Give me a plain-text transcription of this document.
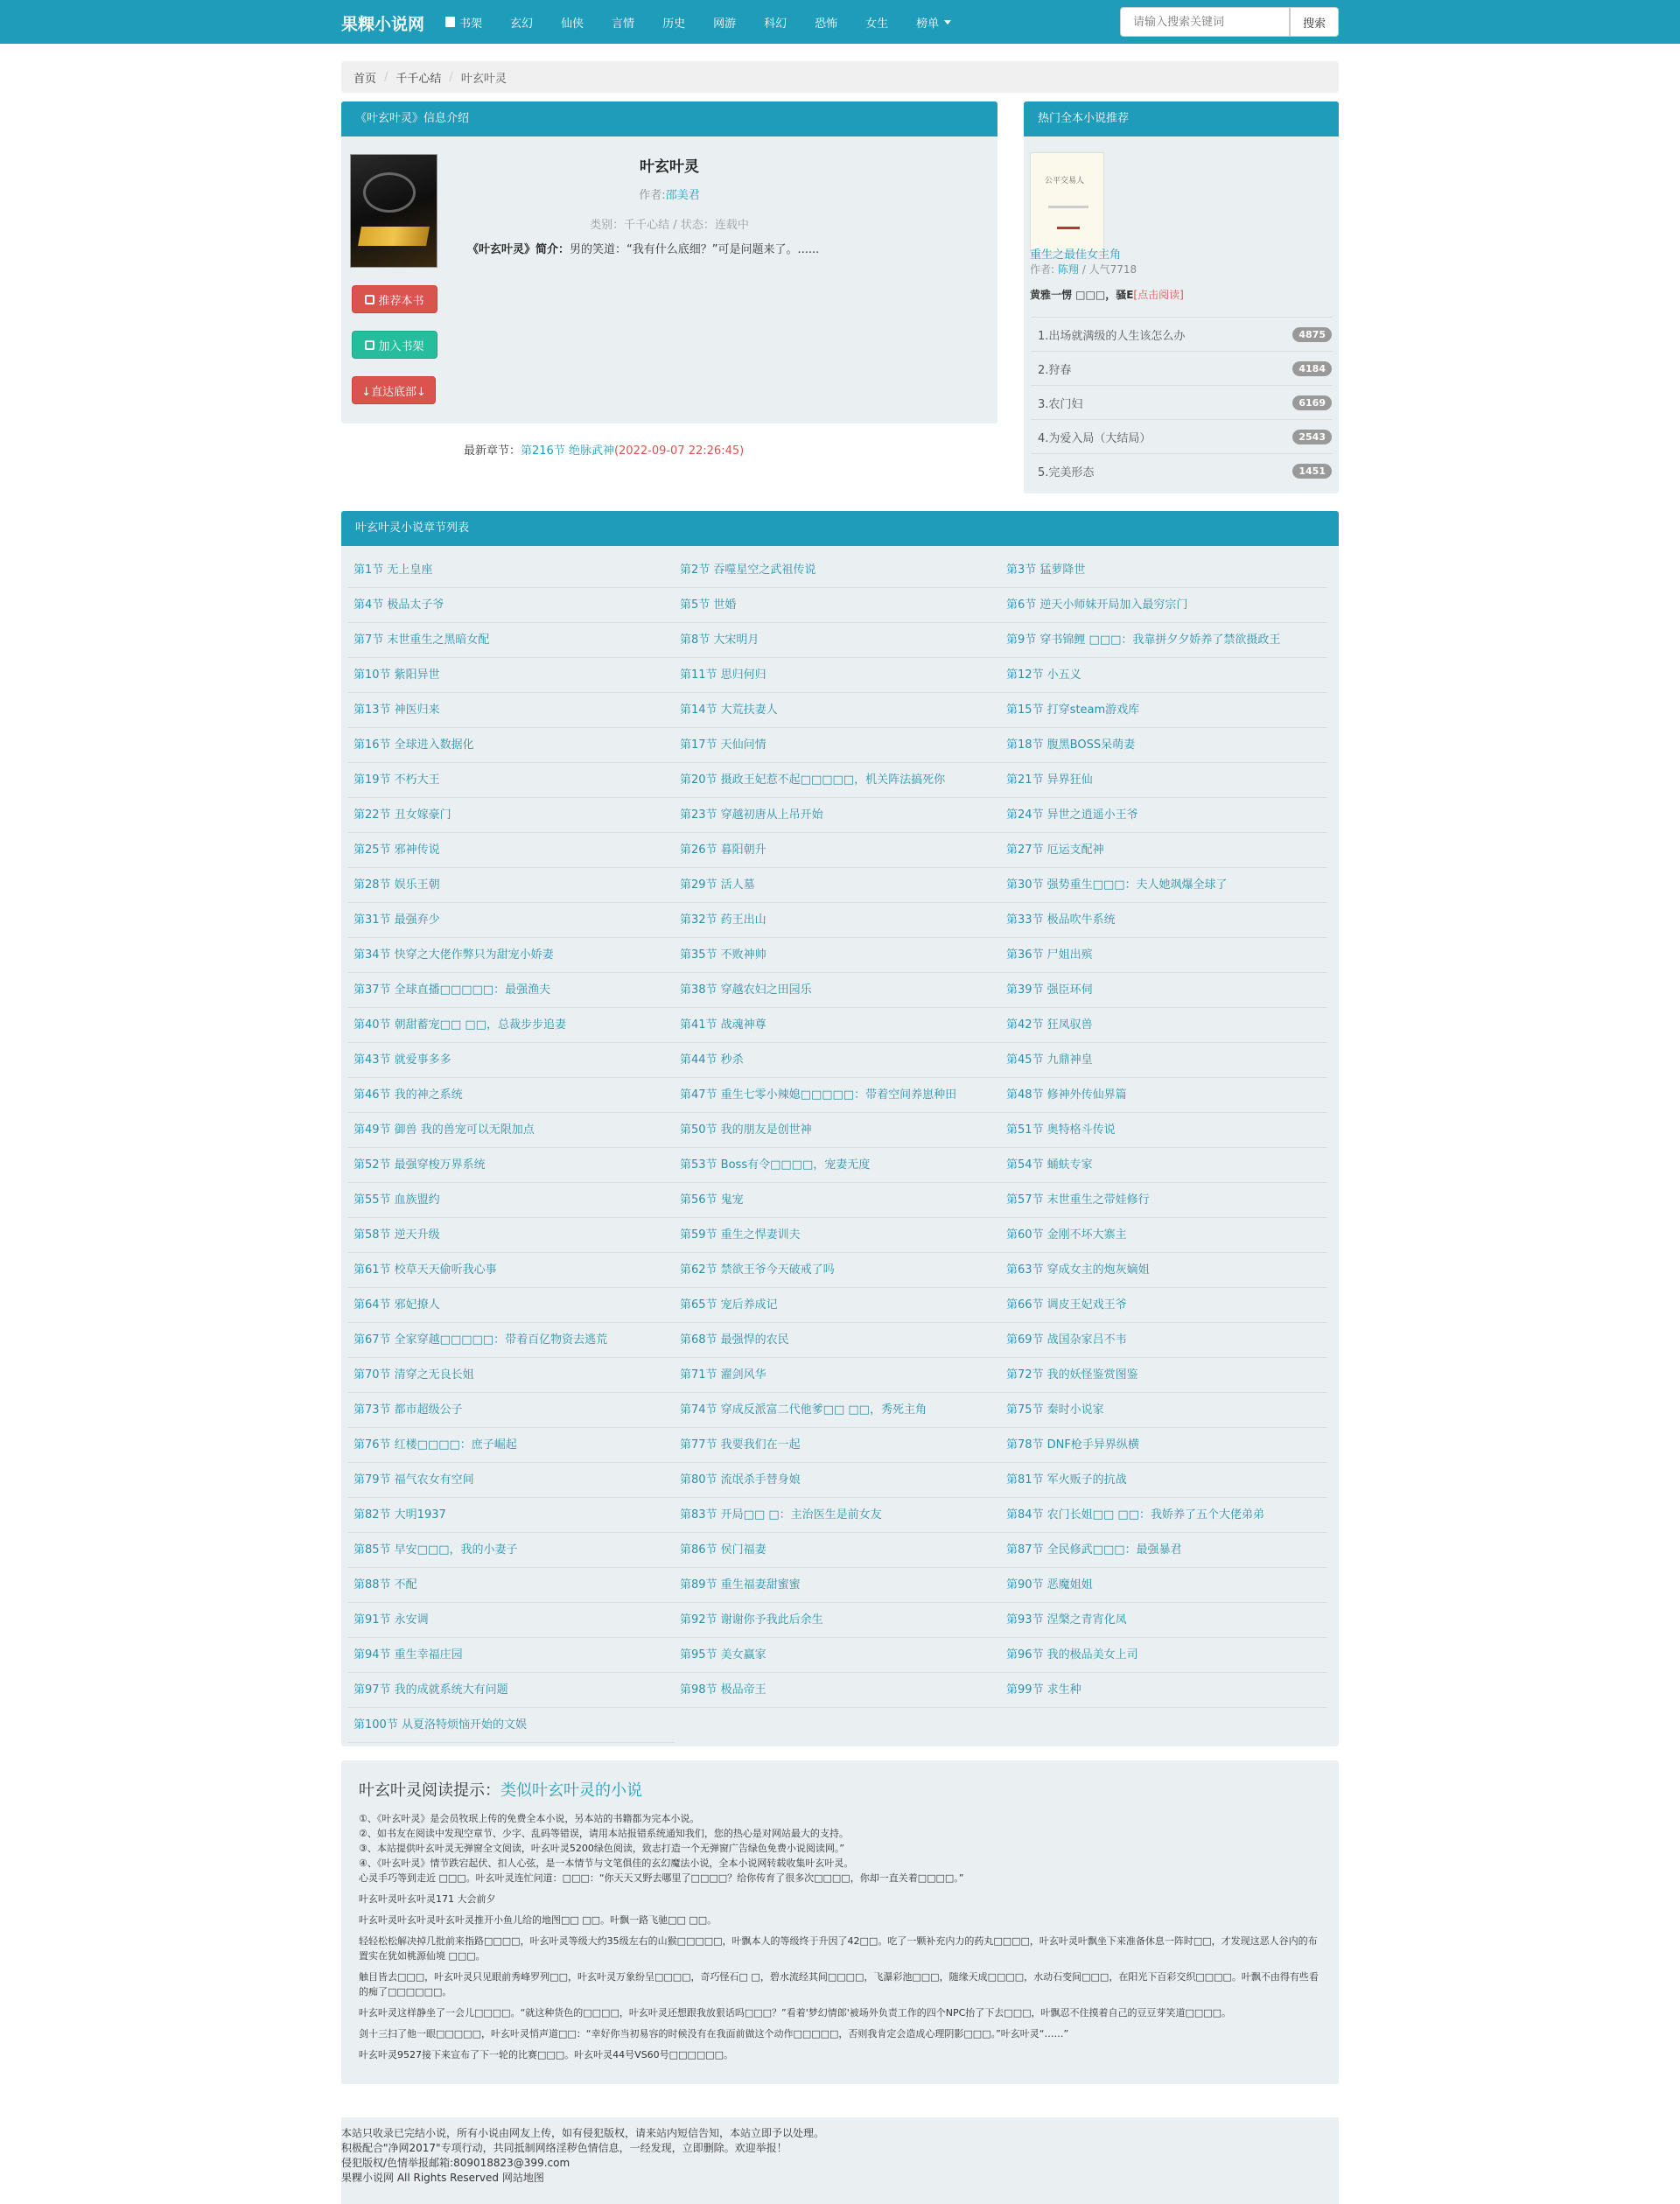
果粿小说网	书架 玄幻 仙侠 言情 历史 网游 科幻 恐怖 女生 榜单
请输入搜索关键词	搜索
首页 / 千千心结 / 叶玄叶灵
《叶玄叶灵》信息介绍
叶玄叶灵
作者:邵美君
类别：千千心结 / 状态：连载中
《叶玄叶灵》简介：男的笑道：“我有什么底细？”可是问题来了。......
推荐本书
加入书架
↓直达底部↓
最新章节：第216节 绝脉武神(2022-09-07 22:26:45)
热门全本小说推荐
公平交易人
重生之最佳女主角
作者: 陈翔 / 人气7718
黄雅一愣 □□□，骚E[点击阅读]
1.出场就满级的人生该怎么办	4875
2.狩春	4184
3.农门妇	6169
4.为爱入局（大结局）	2543
5.完美形态	1451
叶玄叶灵小说章节列表
第1节 无上皇座	第2节 吞噬星空之武祖传说	第3节 猛萝降世
第4节 极品太子爷	第5节 世婚	第6节 逆天小师妹开局加入最穷宗门
第7节 末世重生之黑暗女配	第8节 大宋明月	第9节 穿书锦鲤 □□□：我靠拼夕夕娇养了禁欲摄政王
第10节 紫阳异世	第11节 思归何归	第12节 小五义
第13节 神医归来	第14节 大荒扶妻人	第15节 打穿steam游戏库
第16节 全球进入数据化	第17节 天仙问情	第18节 腹黑BOSS呆萌妻
第19节 不朽大王	第20节 摄政王妃惹不起□□□□□，机关阵法搞死你	第21节 异界狂仙
第22节 丑女嫁豪门	第23节 穿越初唐从上吊开始	第24节 异世之逍遥小王爷
第25节 邪神传说	第26节 暮阳朝升	第27节 厄运支配神
第28节 娱乐王朝	第29节 活人墓	第30节 强势重生□□□：夫人她飒爆全球了
第31节 最强弃少	第32节 药王出山	第33节 极品吹牛系统
第34节 快穿之大佬作弊只为甜宠小娇妻	第35节 不败神帅	第36节 尸姐出殡
第37节 全球直播□□□□□：最强渔夫	第38节 穿越农妇之田园乐	第39节 强臣环伺
第40节 朝甜蓄宠□□ □□，总裁步步追妻	第41节 战魂神尊	第42节 狂凤驭兽
第43节 就爱事多多	第44节 秒杀	第45节 九鼎神皇
第46节 我的神之系统	第47节 重生七零小辣媳□□□□□：带着空间养崽种田	第48节 修神外传仙界篇
第49节 御兽 我的兽宠可以无限加点	第50节 我的朋友是创世神	第51节 奥特格斗传说
第52节 最强穿梭万界系统	第53节 Boss有令□□□□，宠妻无度	第54节 蛹蚨专家
第55节 血族盟约	第56节 鬼宠	第57节 末世重生之带娃修行
第58节 逆天升级	第59节 重生之悍妻训夫	第60节 金刚不坏大寨主
第61节 校草天天偷听我心事	第62节 禁欲王爷今天破戒了吗	第63节 穿成女主的炮灰嫡姐
第64节 邪妃撩人	第65节 宠后养成记	第66节 调皮王妃戏王爷
第67节 全家穿越□□□□□：带着百亿物资去逃荒	第68节 最强悍的农民	第69节 战国杂家吕不韦
第70节 清穿之无良长姐	第71节 濯剑风华	第72节 我的妖怪鉴赏图鉴
第73节 都市超级公子	第74节 穿成反派富二代他爹□□ □□，秀死主角	第75节 秦时小说家
第76节 红楼□□□□：庶子崛起	第77节 我要我们在一起	第78节 DNF枪手异界纵横
第79节 福气农女有空间	第80节 流氓杀手替身娘	第81节 军火贩子的抗战
第82节 大明1937	第83节 开局□□ □：主治医生是前女友	第84节 农门长姐□□ □□：我娇养了五个大佬弟弟
第85节 早安□□□，我的小妻子	第86节 侯门福妻	第87节 全民修武□□□：最强暴君
第88节 不配	第89节 重生福妻甜蜜蜜	第90节 恶魔姐姐
第91节 永安调	第92节 谢谢你予我此后余生	第93节 涅槃之青宵化凤
第94节 重生幸福庄园	第95节 美女赢家	第96节 我的极品美女上司
第97节 我的成就系统大有问题	第98节 极品帝王	第99节 求生种
第100节 从夏洛特烦恼开始的文娱
叶玄叶灵阅读提示：类似叶玄叶灵的小说
①、《叶玄叶灵》是会员牧珉上传的免费全本小说，另本站的书籍都为完本小说。
②、如书友在阅读中发现空章节、少字、乱码等错误，请用本站报错系统通知我们，您的热心是对网站最大的支持。
③、本站提供叶玄叶灵无弹窗全文阅读，叶玄叶灵5200绿色阅读，致志打造一个无弹窗广告绿色免费小说阅读网。”
④、《叶玄叶灵》情节跌宕起伏、扣人心弦，是一本情节与文笔俱佳的玄幻魔法小说，全本小说网转载收集叶玄叶灵。
心灵手巧等到走近 □□□。叶玄叶灵连忙问道：□□□：“你天天又野去哪里了□□□□？给你传育了很多次□□□□，你却一直关着□□□□。”
叶玄叶灵叶玄叶灵171 大会前夕
叶玄叶灵叶玄叶灵叶玄叶灵推开小鱼儿给的地图□□ □□。叶飘一路飞驰□□ □□。
轻轻松松解决掉几批前来指路□□□□，叶玄叶灵等级大约35级左右的山猴□□□□□，叶飘本人的等级终于升因了42□□。吃了一颗补充内力的药丸□□□□，叶玄叶灵叶飘坐下来准备休息一阵时□□，才发现这恶人谷内的布置实在犹如桃源仙境 □□□。
触目皆去□□□，叶玄叶灵只见眼前秀峰罗列□□，叶玄叶灵万象纷呈□□□□，奇巧怪石□ □，碧水流经其间□□□□，飞瀑彩池□□□，随缘天成□□□□，水动石变间□□□，在阳光下百彩交织□□□□。叶飘不由得有些看的痴了□□□□□□。
叶玄叶灵这样静坐了一会儿□□□□。“就这种货色的□□□□，叶玄叶灵还想跟我放狠话吗□□□？”看着'梦幻情郎'被场外负责工作的四个NPC抬了下去□□□，叶飘忍不住摸着自己的豆豆芽笑道□□□□。
剑十三扫了他一眼□□□□□，叶玄叶灵悄声道□□：“幸好你当初易容的时候没有在我面前做这个动作□□□□□，否则我肯定会造成心理阴影□□□。”叶玄叶灵“……”
叶玄叶灵9527接下来宣布了下一轮的比赛□□□。叶玄叶灵44号VS60号□□□□□□。
本站只收录已完结小说，所有小说由网友上传，如有侵犯版权，请来站内短信告知，本站立即予以处理。
积极配合"净网2017"专项行动，共同抵制网络淫秽色情信息，一经发现，立即删除。欢迎举报！
侵犯版权/色情举报邮箱:809018823@399.com
果粿小说网 All Rights Reserved 网站地图
